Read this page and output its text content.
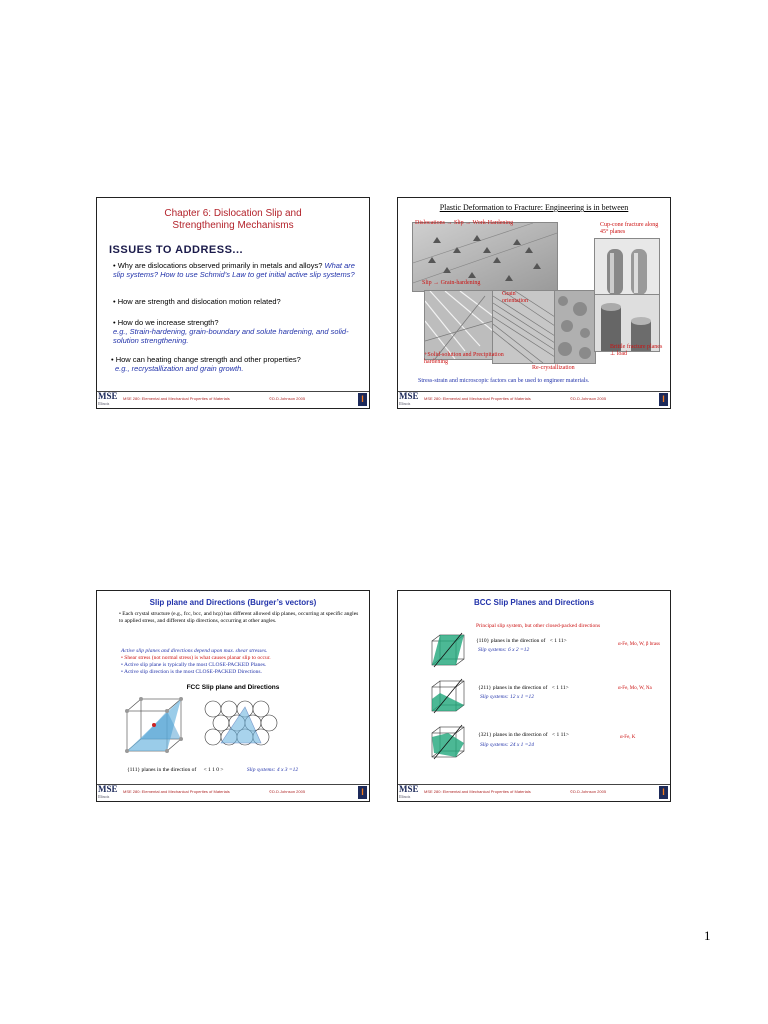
Chapter 6: Dislocation Slip and
Strengthening Mechanisms
ISSUES TO ADDRESS...
• Why are dislocations observed primarily in metals and alloys? What are slip systems? How to use Schmid’s Law to get initial active slip systems?
• How are strength and dislocation motion related?
• How do we increase strength?
e.g., Strain-hardening, grain-boundary and solute hardening, and solid-solution strengthening.
• How can heating change strength and other properties?
e.g., recrystallization and grain growth.
MSE
Illinois
MSE 280: Elemental and Mechanical Properties of Materials	©D.D.Johnson 2005	I
Plastic Deformation to Fracture: Engineering is in between
Dislocations → Slip → Work-Hardening	Cup-cone fracture along 45° planes
Slip → Grain-hardening
Grain orientation
+Solid-solution and Precipitation hardening
Re-crystallization
Brittle fracture planes ⊥ load
Stress-strain and microscopic factors can be used to engineer materials.
MSE
Illinois
MSE 280: Elemental and Mechanical Properties of Materials	©D.D.Johnson 2005	I
Slip plane and Directions (Burger’s vectors)
• Each crystal structure (e.g., fcc, bcc, and hcp) has different allowed slip planes, occurring at specific angles to applied stress, and different slip directions, occurring at other angles.
Active slip planes and directions depend upon max. shear stresses.
• Shear stress (not normal stress) is what causes planar slip to occur.
• Active slip plane is typically the most CLOSE-PACKED Planes.
• Active slip direction is the most CLOSE-PACKED Directions.
FCC Slip plane and Directions
{111} planes in the direction of < 1 1 0 >	Slip systems: 4 x 3 =12
MSE
Illinois
MSE 280: Elemental and Mechanical Properties of Materials	©D.D.Johnson 2005	I
BCC Slip Planes and Directions
Principal slip system, but other closed-packed directions
{110} planes in the direction of < 1 11>
Slip systems: 6 x 2 =12
α-Fe, Mo, W, β brass
{211} planes in the direction of < 1 11>
Slip systems: 12 x 1 =12
α-Fe, Mo, W, Na
{321} planes in the direction of < 1 11>
Slip systems: 24 x 1 =24
α-Fe, K
MSE
Illinois
MSE 280: Elemental and Mechanical Properties of Materials	©D.D.Johnson 2005	I
1
